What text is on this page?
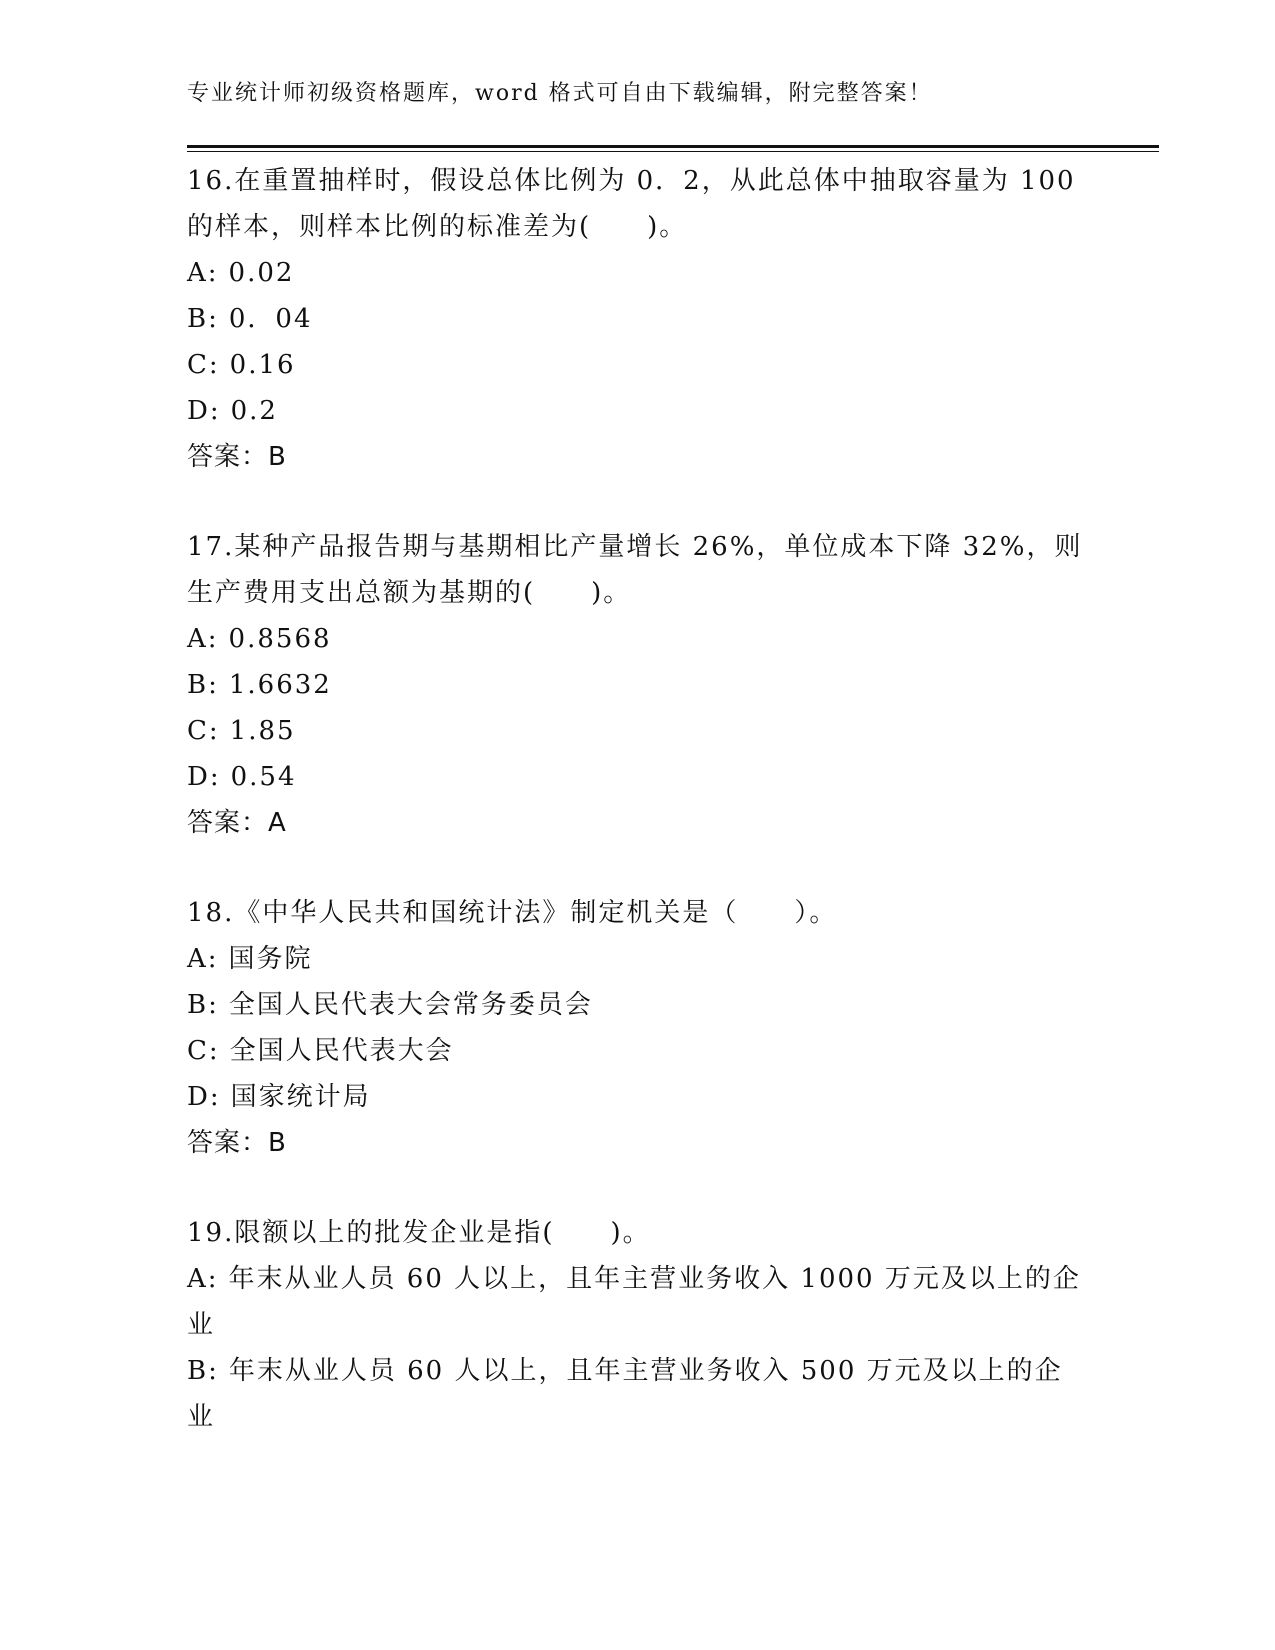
专业统计师初级资格题库，word 格式可自由下载编辑，附完整答案！
16.在重置抽样时，假设总体比例为 0．2，从此总体中抽取容量为 100 的样本，则样本比例的标准差为(　　)。
A: 0.02
B: 0．04
C: 0.16
D: 0.2
答案：B
17.某种产品报告期与基期相比产量增长 26%，单位成本下降 32%，则生产费用支出总额为基期的(　　)。
A: 0.8568
B: 1.6632
C: 1.85
D: 0.54
答案：A
18.《中华人民共和国统计法》制定机关是（　　）。
A: 国务院
B: 全国人民代表大会常务委员会
C: 全国人民代表大会
D: 国家统计局
答案：B
19.限额以上的批发企业是指(　　)。
A: 年末从业人员 60 人以上，且年主营业务收入 1000 万元及以上的企业
B: 年末从业人员 60 人以上，且年主营业务收入 500 万元及以上的企业
